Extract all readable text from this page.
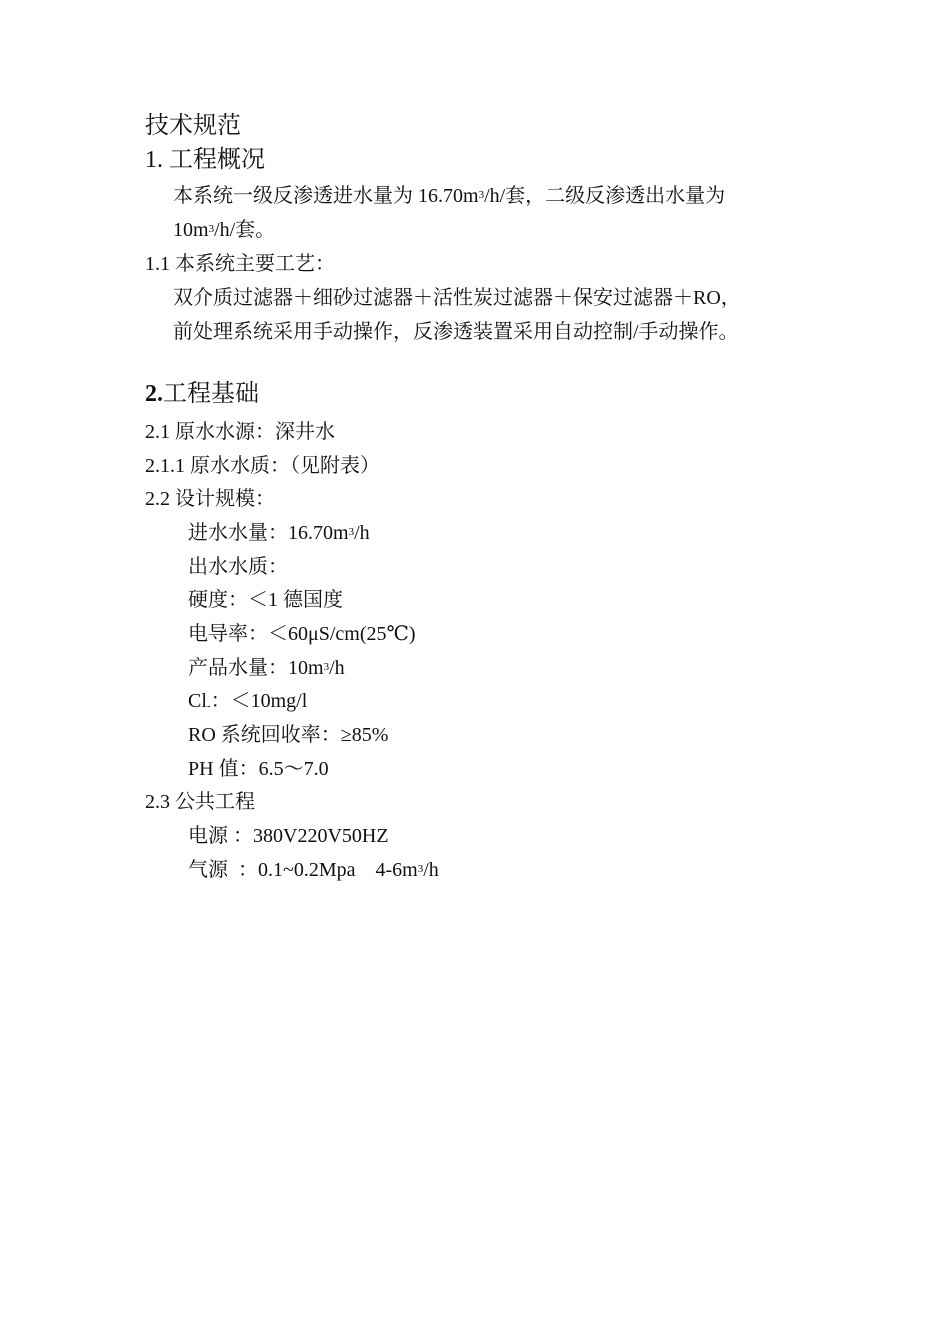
技术规范
1. 工程概况
本系统一级反渗透进水量为 $16.70m^3/h/$套，二级反渗透出水量为
$10m^3/h/$套。
1.1 本系统主要工艺：
双介质过滤器＋细砂过滤器＋活性炭过滤器＋保安过滤器＋RO，
前处理系统采用手动操作，反渗透装置采用自动控制/手动操作。
2.工程基础
2.1 原水水源：深井水
2.1.1 原水水质：（见附表）
2.2 设计规模：
进水水量：$16.70m^3/h$
出水水质：
硬度：＜1 德国度
电导率：＜60μS/cm(25℃)
产品水量：$10m^3/h$
$Cl_-$：＜10mg/l
RO 系统回收率：≥85%
PH 值：6.5～7.0
2.3 公共工程
电源 ：380V220V50HZ
气源  ：0.1~0.2Mpa    $4-6m^3/h$
